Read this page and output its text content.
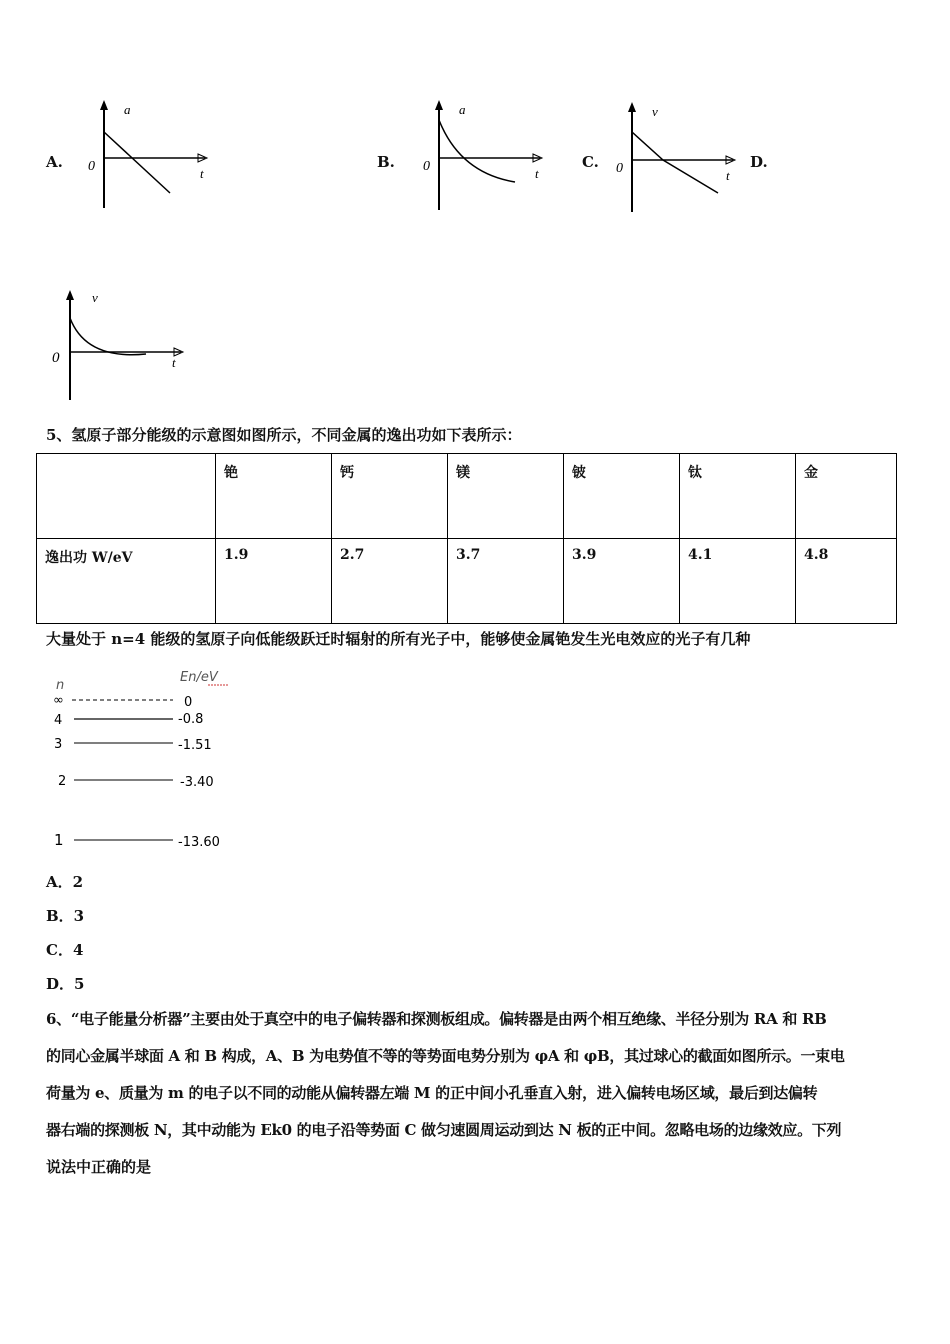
A.
a
0	t
B.
a
0	t
C.
v
0	t
D.
v
0	t
5、氢原子部分能级的示意图如图所示，不同金属的逸出功如下表所示：
	铯	钙	镁	铍	钛	金
逸出功 W/eV	1.9	2.7	3.7	3.9	4.1	4.8
大量处于 n=4 能级的氢原子向低能级跃迁时辐射的所有光子中，能够使金属铯发生光电效应的光子有几种
n
En/eV
∞	0
4	-0.8
3	-1.51
2	-3.40
1	-13.60
A．2
B．3
C．4
D．5
6、“电子能量分析器”主要由处于真空中的电子偏转器和探测板组成。偏转器是由两个相互绝缘、半径分别为 RA 和 RB
的同心金属半球面 A 和 B 构成，A、B 为电势值不等的等势面电势分别为 φA 和 φB，其过球心的截面如图所示。一束电
荷量为 e、质量为 m 的电子以不同的动能从偏转器左端 M 的正中间小孔垂直入射，进入偏转电场区域，最后到达偏转
器右端的探测板 N，其中动能为 Ek0 的电子沿等势面 C 做匀速圆周运动到达 N 板的正中间。忽略电场的边缘效应。下列
说法中正确的是
